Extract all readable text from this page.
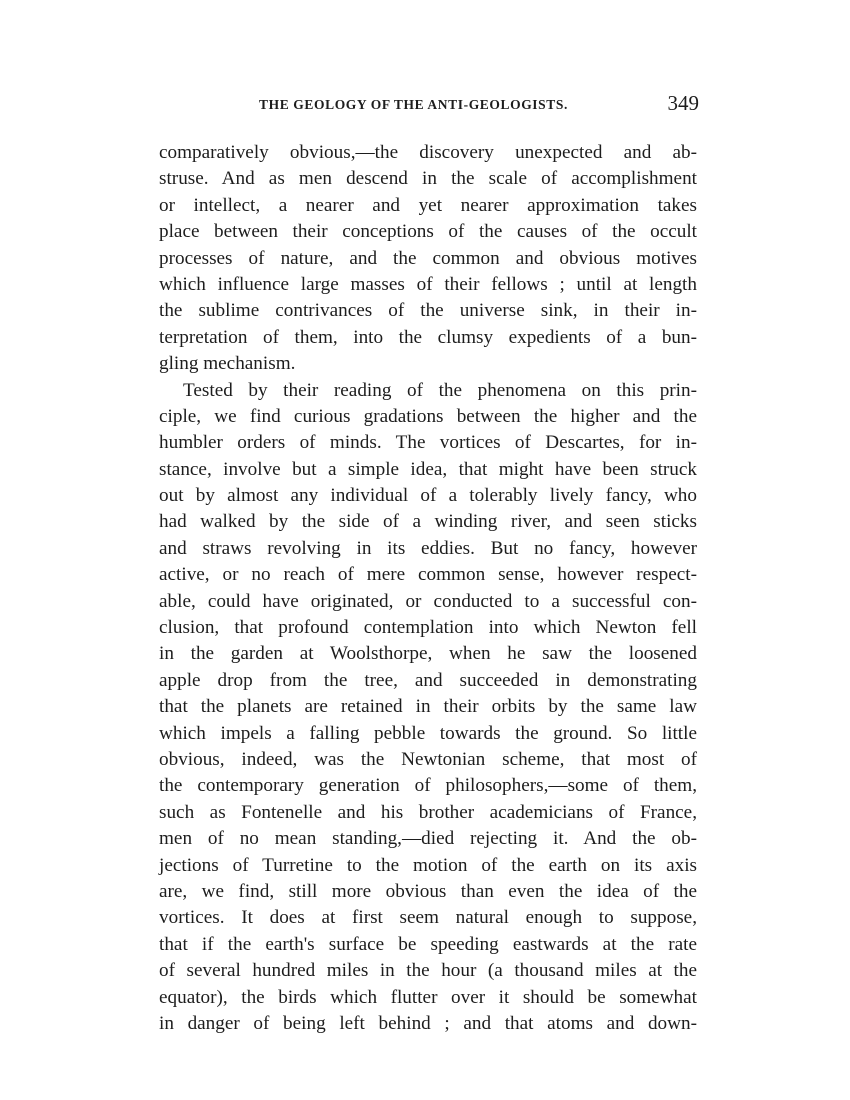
THE GEOLOGY OF THE ANTI-GEOLOGISTS.	349
comparatively obvious,—the discovery unexpected and ab-
struse. And as men descend in the scale of accomplishment
or intellect, a nearer and yet nearer approximation takes
place between their conceptions of the causes of the occult
processes of nature, and the common and obvious motives
which influence large masses of their fellows ; until at length
the sublime contrivances of the universe sink, in their in-
terpretation of them, into the clumsy expedients of a bun-
gling mechanism.
Tested by their reading of the phenomena on this prin-
ciple, we find curious gradations between the higher and the
humbler orders of minds. The vortices of Descartes, for in-
stance, involve but a simple idea, that might have been struck
out by almost any individual of a tolerably lively fancy, who
had walked by the side of a winding river, and seen sticks
and straws revolving in its eddies. But no fancy, however
active, or no reach of mere common sense, however respect-
able, could have originated, or conducted to a successful con-
clusion, that profound contemplation into which Newton fell
in the garden at Woolsthorpe, when he saw the loosened
apple drop from the tree, and succeeded in demonstrating
that the planets are retained in their orbits by the same law
which impels a falling pebble towards the ground. So little
obvious, indeed, was the Newtonian scheme, that most of
the contemporary generation of philosophers,—some of them,
such as Fontenelle and his brother academicians of France,
men of no mean standing,—died rejecting it. And the ob-
jections of Turretine to the motion of the earth on its axis
are, we find, still more obvious than even the idea of the
vortices. It does at first seem natural enough to suppose,
that if the earth's surface be speeding eastwards at the rate
of several hundred miles in the hour (a thousand miles at the
equator), the birds which flutter over it should be somewhat
in danger of being left behind ; and that atoms and down-
